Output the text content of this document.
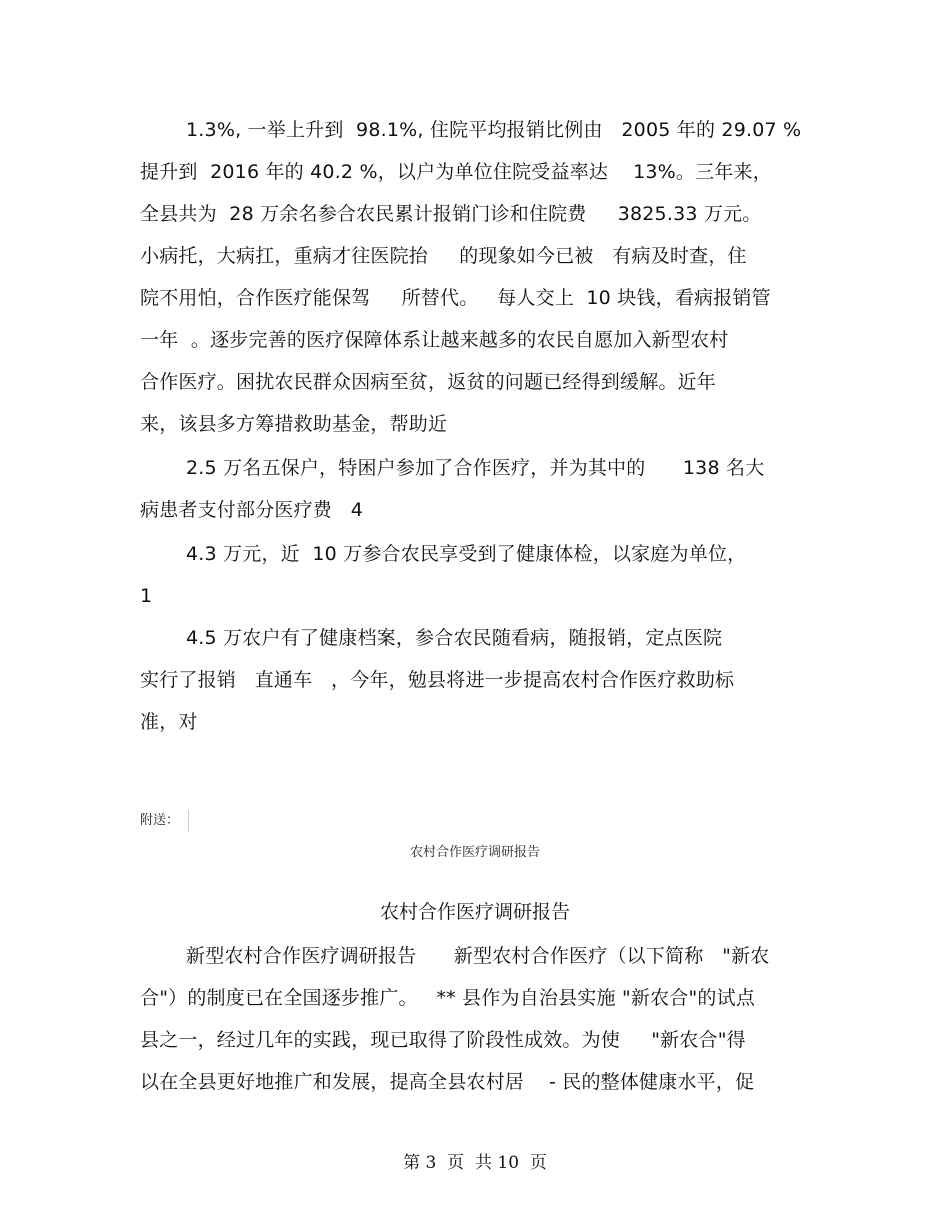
1.3%, 一举上升到  98.1%, 住院平均报销比例由   2005 年的 29.07 %
提升到  2016 年的 40.2 %，以户为单位住院受益率达    13%。三年来，
全县共为  28 万余名参合农民累计报销门诊和住院费     3825.33 万元。
小病托，大病扛，重病才往医院抬     的现象如今已被   有病及时查，住
院不用怕，合作医疗能保驾     所替代。   每人交上  10 块钱，看病报销管
一年  。逐步完善的医疗保障体系让越来越多的农民自愿加入新型农村
合作医疗。困扰农民群众因病至贫，返贫的问题已经得到缓解。近年
来，该县多方筹措救助基金，帮助近
2.5 万名五保户，特困户参加了合作医疗，并为其中的      138 名大
病患者支付部分医疗费   4
4.3 万元，近  10 万参合农民享受到了健康体检，以家庭为单位，
1
4.5 万农户有了健康档案，参合农民随看病，随报销，定点医院
实行了报销   直通车   ，今年，勉县将进一步提高农村合作医疗救助标
准，对
附送：
农村合作医疗调研报告
农村合作医疗调研报告
新型农村合作医疗调研报告      新型农村合作医疗（以下简称   "新农
合"）的制度已在全国逐步推广。   ** 县作为自治县实施 "新农合"的试点
县之一，经过几年的实践，现已取得了阶段性成效。为使     "新农合"得
以在全县更好地推广和发展，提高全县农村居    - 民的整体健康水平，促
第 3  页  共 10  页
